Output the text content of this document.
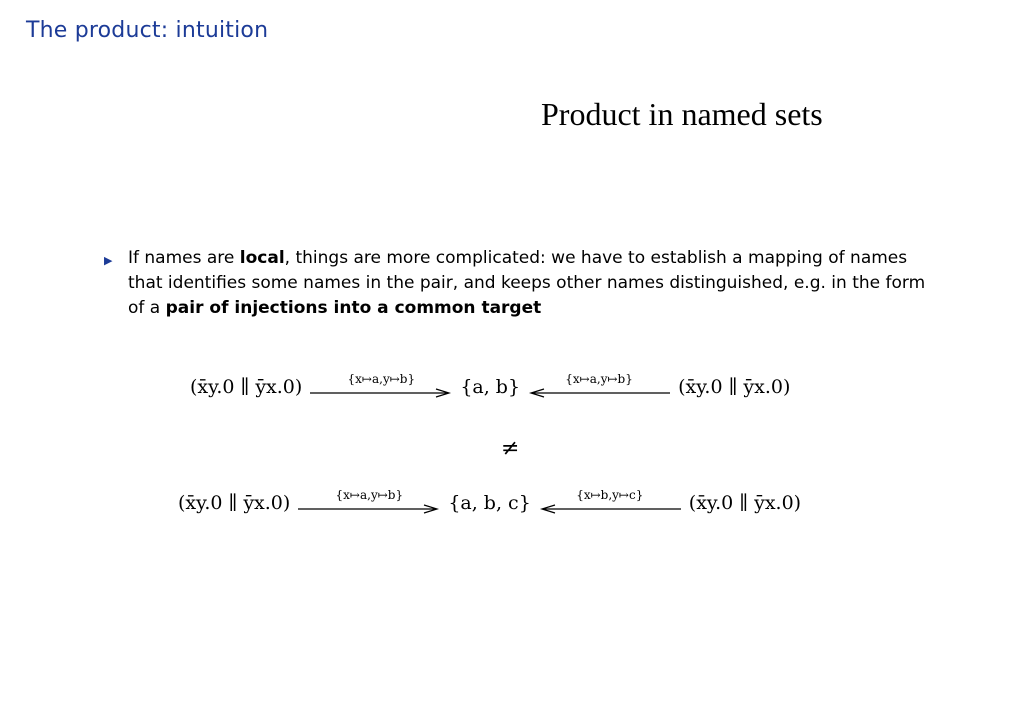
The product: intuition
Product in named sets
▶ If names are local, things are more complicated: we have to establish a mapping of names that identifies some names in the pair, and keeps other names distinguished, e.g. in the form of a pair of injections into a common target
(x̄y.0 ∥ ȳx.0)	{x↦a,y↦b} {a, b}	{x↦a,y↦b} (x̄y.0 ∥ ȳx.0)
≠
(x̄y.0 ∥ ȳx.0)	{x↦a,y↦b} {a, b, c}	{x↦b,y↦c} (x̄y.0 ∥ ȳx.0)
